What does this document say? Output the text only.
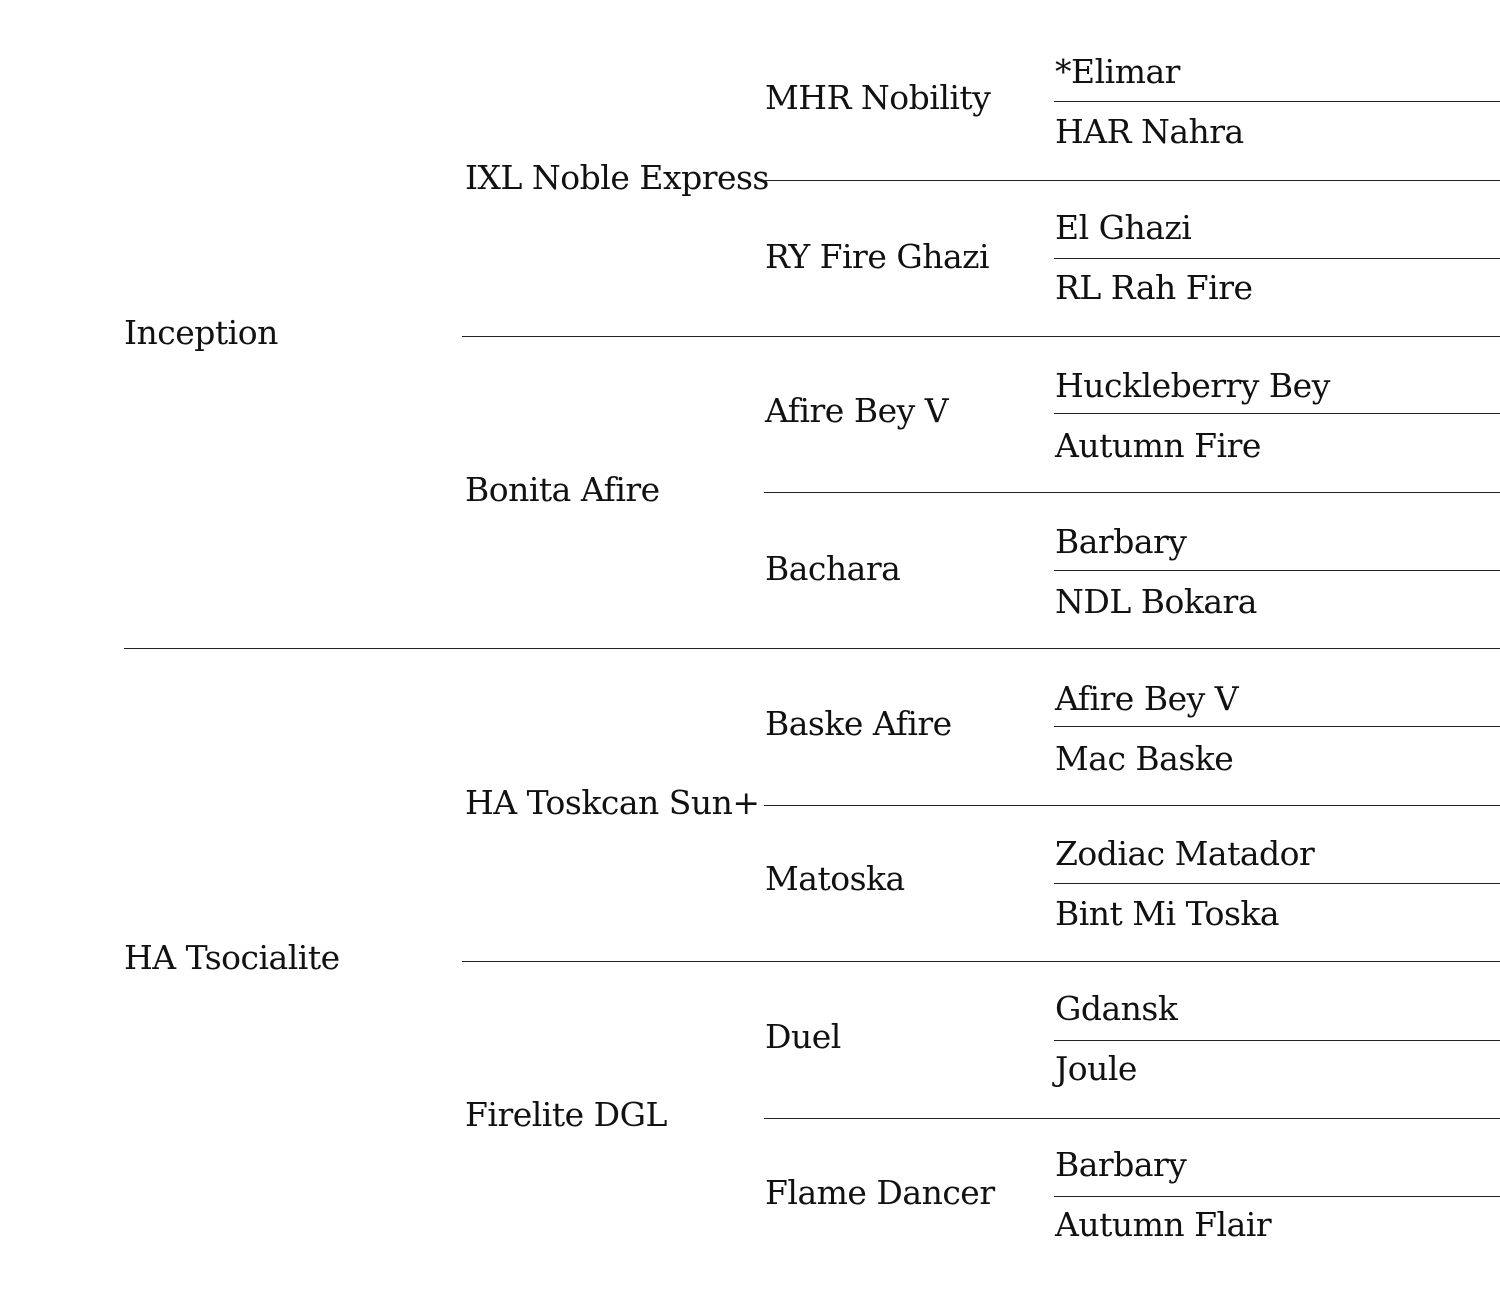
Inception
HA Tsocialite
IXL Noble Express
Bonita Afire
HA Toskcan Sun+
Firelite DGL
MHR Nobility
RY Fire Ghazi
Afire Bey V
Bachara
Baske Afire
Matoska
Duel
Flame Dancer
*Elimar
HAR Nahra
El Ghazi
RL Rah Fire
Huckleberry Bey
Autumn Fire
Barbary
NDL Bokara
Afire Bey V
Mac Baske
Zodiac Matador
Bint Mi Toska
Gdansk
Joule
Barbary
Autumn Flair
